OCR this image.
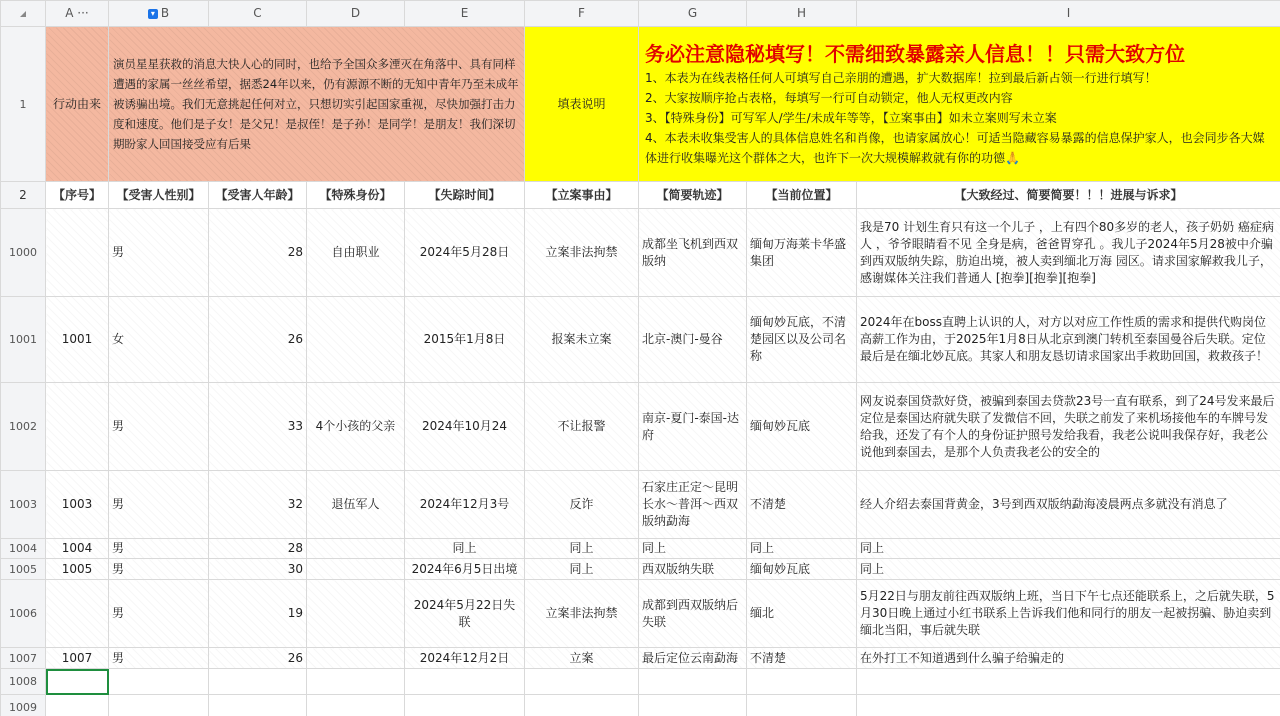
	A ···	▾ B	C	D	E	F	G	H	I
1	行动由来	演员星星获救的消息大快人心的同时，也给予全国众多湮灭在角落中、具有同样遭遇的家属一丝丝希望，据悉24年以来，仍有源源不断的无知中青年乃至未成年被诱骗出境。我们无意挑起任何对立，只想切实引起国家重视，尽快加强打击力度和速度。他们是子女！是父兄！是叔侄！是子孙！是同学！是朋友！我们深切期盼家人回国接受应有后果				填表说明	务必注意隐秘填写！不需细致暴露亲人信息！！只需大致方位
1、本表为在线表格任何人可填写自己亲朋的遭遇，扩大数据库！拉到最后新占领一行进行填写！
2、大家按顺序抢占表格，每填写一行可自动锁定，他人无权更改内容
3、【特殊身份】可写军人/学生/未成年等等，【立案事由】如未立案则写未立案
4、本表未收集受害人的具体信息姓名和肖像，也请家属放心！可适当隐藏容易暴露的信息保护家人，也会同步各大媒体进行收集曝光这个群体之大，也许下一次大规模解救就有你的功德🙏		

2	【序号】	【受害人性别】	【受害人年龄】	【特殊身份】	【失踪时间】	【立案事由】	【简要轨迹】	【当前位置】	【大致经过、简要简要！！！进展与诉求】
1000		男	28	自由职业	2024年5月28日	立案非法拘禁	成都坐飞机到西双版纳	缅甸万海莱卡华盛集团	我是70 计划生育只有这一个儿子 ，上有四个80多岁的老人，孩子奶奶 癌症病人 ，爷爷眼睛看不见 全身是病，爸爸胃穿孔 。我儿子2024年5月28被中介骗到西双版纳失踪，肪迫出境，被人卖到缅北万海 园区。请求国家解救我儿子，感谢媒体关注我们普通人 [抱拳][抱拳][抱拳]
1001	1001	女	26		2015年1月8日	报案未立案	北京-澳门-曼谷	缅甸妙瓦底，不清楚园区以及公司名称	2024年在boss直聘上认识的人，对方以对应工作性质的需求和提供代购岗位高薪工作为由，于2025年1月8日从北京到澳门转机至泰国曼谷后失联。定位最后是在缅北妙瓦底。其家人和朋友恳切请求国家出手救助回国，救救孩子！
1002		男	33	4个小孩的父亲	2024年10月24	不让报警	南京-夏门-泰国-达府	缅甸妙瓦底	网友说泰国贷款好贷，被骗到泰国去贷款23号一直有联系，到了24号发来最后定位是泰国达府就失联了发微信不回，失联之前发了来机场接他车的车牌号发给我，还发了有个人的身份证护照号发给我看，我老公说叫我保存好，我老公说他到泰国去，是那个人负责我老公的安全的
1003	1003	男	32	退伍军人	2024年12月3号	反诈	石家庄正定～昆明长水～普洱～西双版纳勐海	不清楚	经人介绍去泰国背黄金，3号到西双版纳勐海凌晨两点多就没有消息了
1004	1004	男	28		同上	同上	同上	同上	同上
1005	1005	男	30		2024年6月5日出境	同上	西双版纳失联	缅甸妙瓦底	同上
1006		男	19		2024年5月22日失联	立案非法拘禁	成都到西双版纳后失联	缅北	5月22日与朋友前往西双版纳上班，当日下午七点还能联系上，之后就失联，5月30日晚上通过小红书联系上告诉我们他和同行的朋友一起被拐骗、胁迫卖到缅北当阳，事后就失联
1007	1007	男	26		2024年12月2日	立案	最后定位云南勐海	不清楚	在外打工不知道遇到什么骗子给骗走的
1008									
1009									
